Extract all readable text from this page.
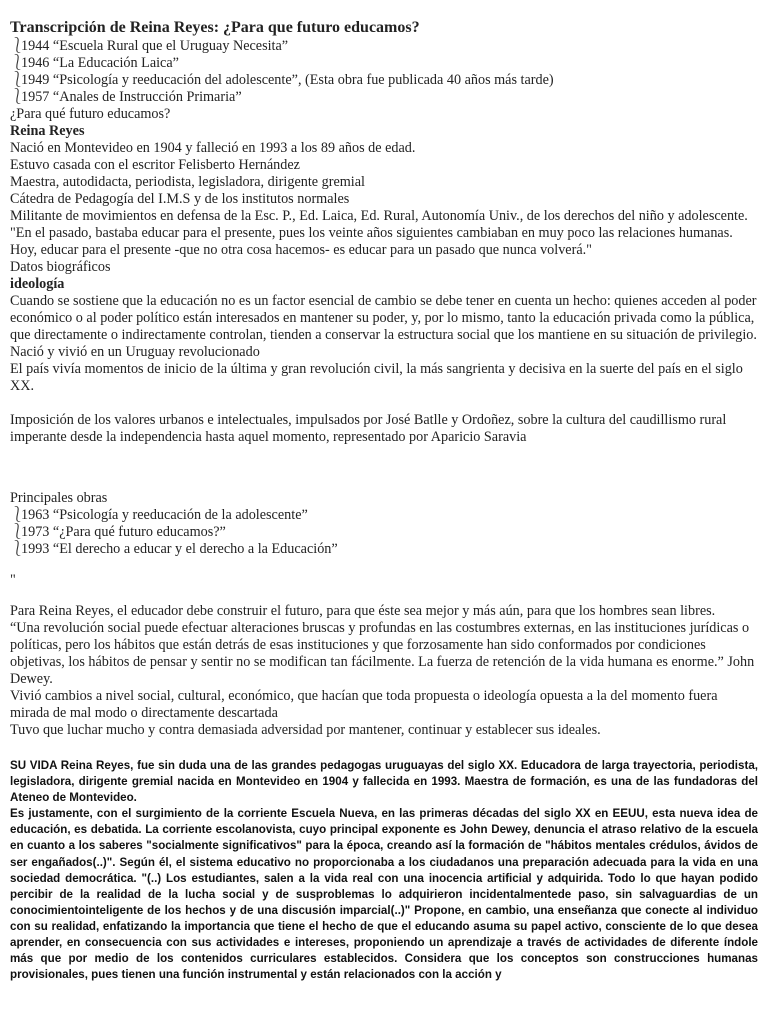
Transcripción de Reina Reyes: ¿Para que futuro educamos?
⎱1944 “Escuela Rural que el Uruguay Necesita”
⎱1946 “La Educación Laica”
⎱1949 “Psicología y reeducación del adolescente”, (Esta obra fue publicada 40 años más tarde)
⎱1957 “Anales de Instrucción Primaria”
¿Para qué futuro educamos?
Reina Reyes
Nació en Montevideo en 1904 y falleció en 1993 a los 89 años de edad.
Estuvo casada con el escritor Felisberto Hernández
Maestra, autodidacta, periodista, legisladora, dirigente gremial
Cátedra de Pedagogía del I.M.S y de los institutos normales
Militante de movimientos en defensa de la Esc. P., Ed. Laica, Ed. Rural, Autonomía Univ., de los derechos del niño y adolescente.
"En el pasado, bastaba educar para el presente, pues los veinte años siguientes cambiaban en muy poco las relaciones humanas. Hoy, educar para el presente -que no otra cosa hacemos- es educar para un pasado que nunca volverá."
Datos biográficos
ideología
Cuando se sostiene que la educación no es un factor esencial de cambio se debe tener en cuenta un hecho: quienes acceden al poder económico o al poder político están interesados en mantener su poder, y, por lo mismo, tanto la educación privada como la pública, que directamente o indirectamente controlan, tienden a conservar la estructura social que los mantiene en su situación de privilegio.
Nació y vivió en un Uruguay revolucionado
El país vivía momentos de inicio de la última y gran revolución civil, la más sangrienta y decisiva en la suerte del país en el siglo XX.
Imposición de los valores urbanos e intelectuales, impulsados por José Batlle y Ordoñez, sobre la cultura del caudillismo rural imperante desde la independencia hasta aquel momento, representado por Aparicio Saravia
Principales obras
⎱1963 “Psicología y reeducación de la adolescente”
⎱1973 “¿Para qué futuro educamos?”
⎱1993 “El derecho a educar y el derecho a la Educación”
"
Para Reina Reyes, el educador debe construir el futuro, para que éste sea mejor y más aún, para que los hombres sean libres.
“Una revolución social puede efectuar alteraciones bruscas y profundas en las costumbres externas, en las instituciones jurídicas o políticas, pero los hábitos que están detrás de esas instituciones y que forzosamente han sido conformados por condiciones objetivas, los hábitos de pensar y sentir no se modifican tan fácilmente. La fuerza de retención de la vida humana es enorme.” John Dewey.
Vivió cambios a nivel social, cultural, económico, que hacían que toda propuesta o ideología opuesta a la del momento fuera mirada de mal modo o directamente descartada
Tuvo que luchar mucho y contra demasiada adversidad por mantener, continuar y establecer sus ideales.

SU VIDA Reina Reyes, fue sin duda una de las grandes pedagogas uruguayas del siglo XX. Educadora de larga trayectoria, periodista, legisladora, dirigente gremial nacida en Montevideo en 1904 y fallecida en 1993. Maestra de formación, es una de las fundadoras del Ateneo de Montevideo.

Es justamente, con el surgimiento de la corriente Escuela Nueva, en las primeras décadas del siglo XX en EEUU, esta nueva idea de educación, es debatida. La corriente escolanovista, cuyo principal exponente es John Dewey, denuncia el atraso relativo de la escuela en cuanto a los saberes "socialmente significativos" para la época, creando así la formación de "hábitos mentales crédulos, ávidos de ser engañados(..)". Según él, el sistema educativo no proporcionaba a los ciudadanos una preparación adecuada para la vida en una sociedad democrática. "(..) Los estudiantes, salen a la vida real con una inocencia artificial y adquirida. Todo lo que hayan podido percibir de la realidad de la lucha social y de susproblemas lo adquirieron incidentalmentede paso, sin salvaguardias de un conocimientointeligente de los hechos y de una discusión imparcial(..)" Propone, en cambio, una enseñanza que conecte al individuo con su realidad, enfatizando la importancia que tiene el hecho de que el educando asuma su papel activo, consciente de lo que desea aprender, en consecuencia con sus actividades e intereses, proponiendo un aprendizaje a través de actividades de diferente índole más que por medio de los contenidos curriculares establecidos. Considera que los conceptos son construcciones humanas provisionales, pues tienen una función instrumental y están relacionados con la acción y
